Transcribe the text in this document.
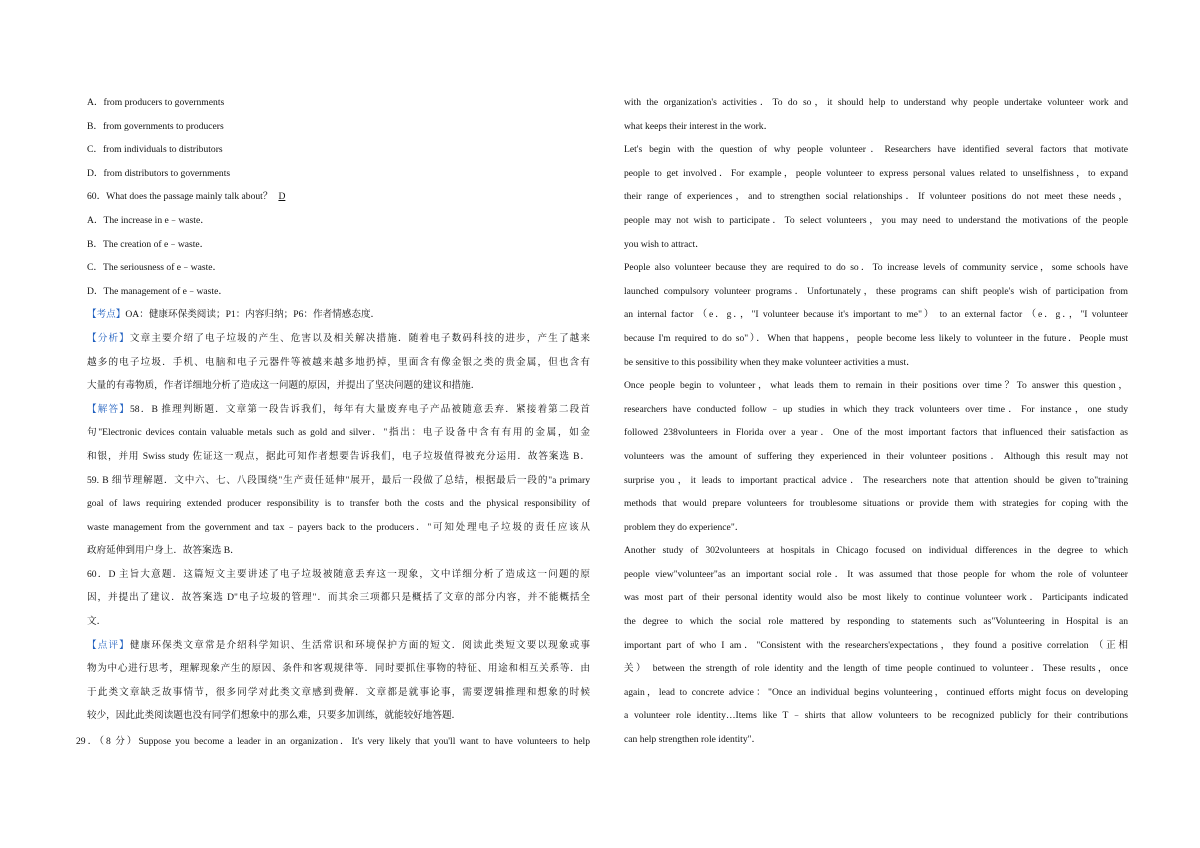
A．from producers to governments
B．from governments to producers
C．from individuals to distributors
D．from distributors to governments
60．What does the passage mainly talk about？ D
A．The increase in e﹣waste．
B．The creation of e﹣waste．
C．The seriousness of e﹣waste．
D．The management of e﹣waste．
【考点】OA：健康环保类阅读；P1：内容归纳；P6：作者情感态度．
【分析】文章主要介绍了电子垃圾的产生、危害以及相关解决措施．随着电子数码科技的进步，产生了越来
越多的电子垃圾．手机、电脑和电子元器件等被越来越多地扔掉，里面含有像金银之类的贵金属，但也含有
大量的有毒物质，作者详细地分析了造成这一问题的原因，并提出了坚决问题的建议和措施．
【解答】58．B 推理判断题．文章第一段告诉我们，每年有大量废弃电子产品被随意丢弃．紧接着第二段首
句"Electronic devices contain valuable metals such as gold and silver．"指出：电子设备中含有有用的金属，如金
和银，并用 Swiss study 佐证这一观点，据此可知作者想要告诉我们，电子垃圾值得被充分运用．故答案选 B．
59. B 细节理解题．文中六、七、八段围绕"生产责任延伸"展开，最后一段做了总结，根据最后一段的"a primary
goal of laws requiring extended producer responsibility is to transfer both the costs and the physical responsibility of
waste management from the government and tax﹣payers back to the producers．"可知处理电子垃圾的责任应该从
政府延伸到用户身上．故答案选 B．
60．D 主旨大意题．这篇短文主要讲述了电子垃圾被随意丢弃这一现象，文中详细分析了造成这一问题的原
因，并提出了建议．故答案选 D"电子垃圾的管理"．而其余三项都只是概括了文章的部分内容，并不能概括全
文．
【点评】健康环保类文章常是介绍科学知识、生活常识和环境保护方面的短文．阅读此类短文要以现象或事
物为中心进行思考，理解现象产生的原因、条件和客观规律等．同时要抓住事物的特征、用途和相互关系等．由
于此类文章缺乏故事情节，很多同学对此类文章感到费解．文章都是就事论事，需要逻辑推理和想象的时候
较少，因此此类阅读题也没有同学们想象中的那么难，只要多加训练，就能较好地答题．
29．（8 分）Suppose you become a leader in an organization．It's very likely that you'll want to have volunteers to help
with the organization's activities．To do so，it should help to understand why people undertake volunteer work and
what keeps their interest in the work．
Let's begin with the question of why people volunteer．Researchers have identified several factors that motivate
people to get involved．For example，people volunteer to express personal values related to unselfishness，to expand
their range of experiences，and to strengthen social relationships．If volunteer positions do not meet these needs，
people may not wish to participate．To select volunteers，you may need to understand the motivations of the people
you wish to attract．
People also volunteer because they are required to do so．To increase levels of community service，some schools have
launched compulsory volunteer programs．Unfortunately，these programs can shift people's wish of participation from
an internal factor （e．g．，"I volunteer because it's important to me"） to an external factor （e．g．，"I volunteer
because I'm required to do so"）．When that happens，people become less likely to volunteer in the future．People must
be sensitive to this possibility when they make volunteer activities a must．
Once people begin to volunteer，what leads them to remain in their positions over time？To answer this question，
researchers have conducted follow﹣up studies in which they track volunteers over time．For instance，one study
followed 238volunteers in Florida over a year．One of the most important factors that influenced their satisfaction as
volunteers was the amount of suffering they experienced in their volunteer positions．Although this result may not
surprise you，it leads to important practical advice．The researchers note that attention should be given to"training
methods that would prepare volunteers for troublesome situations or provide them with strategies for coping with the
problem they do experience"．
Another study of 302volunteers at hospitals in Chicago focused on individual differences in the degree to which
people view"volunteer"as an important social role．It was assumed that those people for whom the role of volunteer
was most part of their personal identity would also be most likely to continue volunteer work．Participants indicated
the degree to which the social role mattered by responding to statements such as"Volunteering in Hospital is an
important part of who I am．"Consistent with the researchers'expectations，they found a positive correlation （正相
关） between the strength of role identity and the length of time people continued to volunteer．These results，once
again，lead to concrete advice："Once an individual begins volunteering，continued efforts might focus on developing
a volunteer role identity…Items like T﹣shirts that allow volunteers to be recognized publicly for their contributions
can help strengthen role identity"．
